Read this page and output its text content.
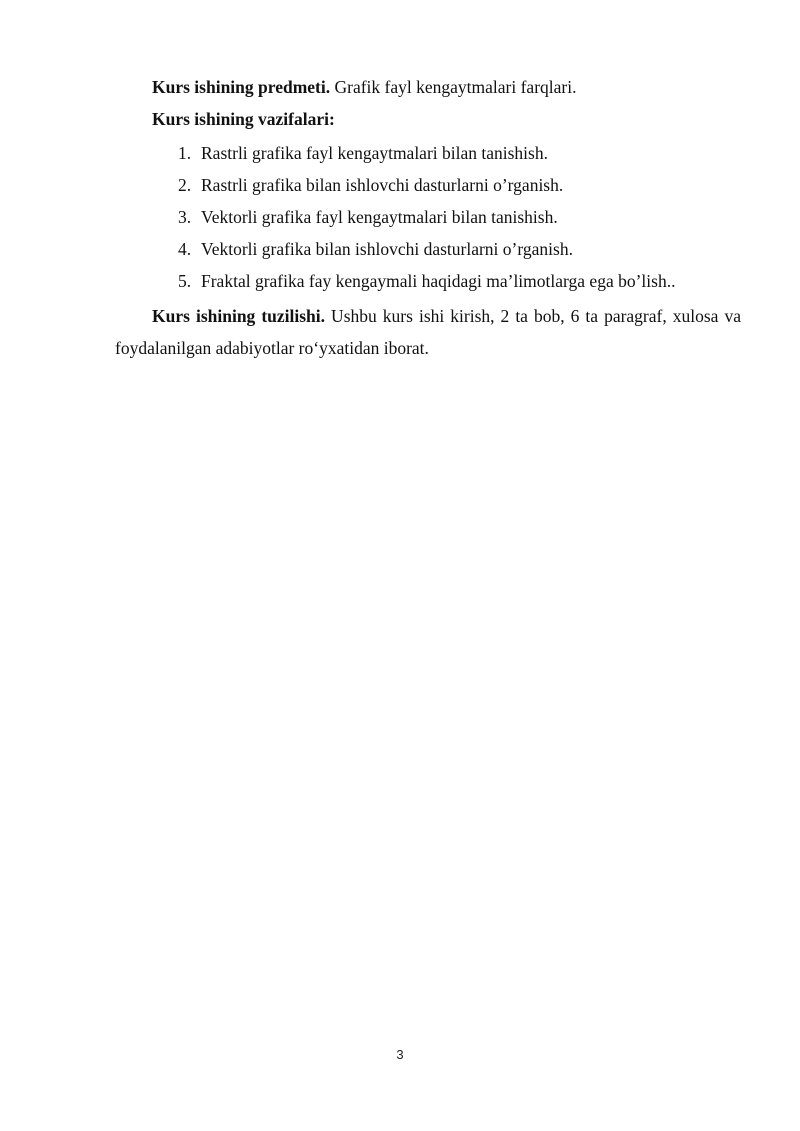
Kurs ishining predmeti. Grafik fayl kengaytmalari farqlari.

Kurs ishining vazifalari:

1. Rastrli grafika fayl kengaytmalari bilan tanishish.
2. Rastrli grafika bilan ishlovchi dasturlarni o’rganish.
3. Vektorli grafika fayl kengaytmalari bilan tanishish.
4. Vektorli grafika bilan ishlovchi dasturlarni o’rganish.
5. Fraktal grafika fay kengaymali haqidagi ma’limotlarga ega bo’lish..

Kurs ishining tuzilishi. Ushbu kurs ishi kirish, 2 ta bob, 6 ta paragraf, xulosa va foydalanilgan adabiyotlar ro‘yxatidan iborat.

3
